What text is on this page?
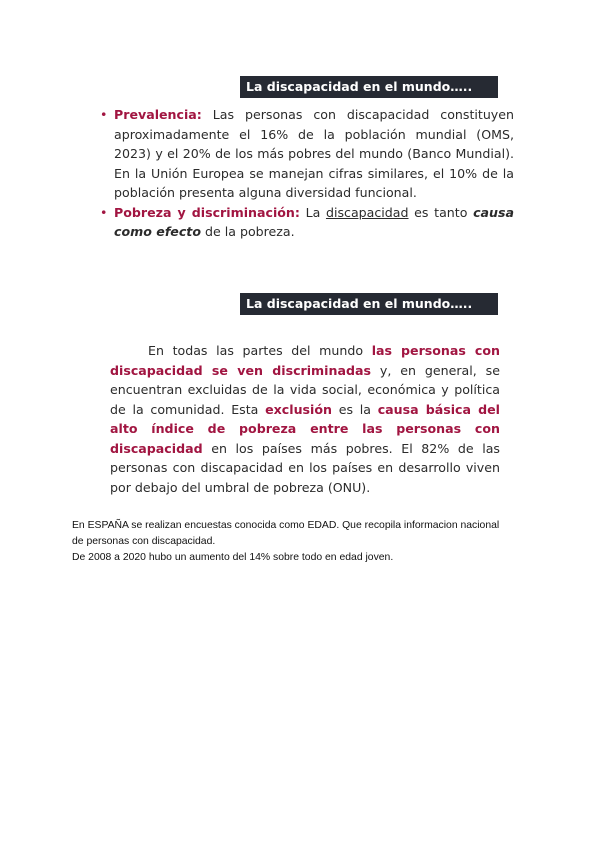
La discapacidad en el mundo…..
• Prevalencia: Las personas con discapacidad constituyen aproximadamente el 16% de la población mundial (OMS, 2023) y el 20% de los más pobres del mundo (Banco Mundial). En la Unión Europea se manejan cifras similares, el 10% de la población presenta alguna diversidad funcional.
• Pobreza y discriminación: La discapacidad es tanto causa como efecto de la pobreza.
La discapacidad en el mundo…..
En todas las partes del mundo las personas con discapacidad se ven discriminadas y, en general, se encuentran excluidas de la vida social, económica y política de la comunidad. Esta exclusión es la causa básica del alto índice de pobreza entre las personas con discapacidad en los países más pobres. El 82% de las personas con discapacidad en los países en desarrollo viven por debajo del umbral de pobreza (ONU).

En ESPAÑA se realizan encuestas conocida como EDAD. Que recopila informacion nacional de personas con discapacidad.

De 2008 a 2020 hubo un aumento del 14% sobre todo en edad joven.
